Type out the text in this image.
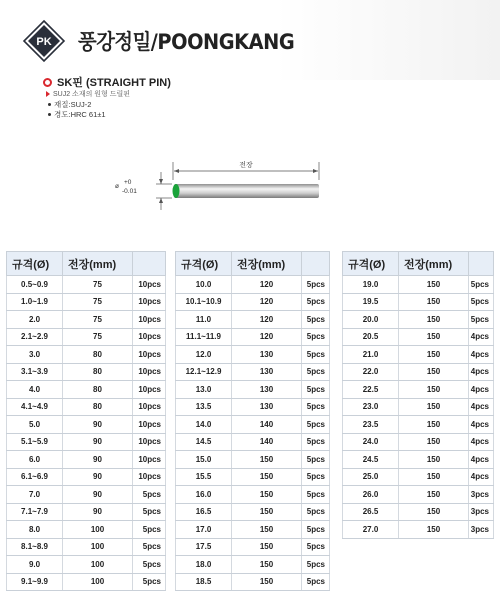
PK 풍강정밀/POONGKANG
SK핀 (STRAIGHT PIN)
SUJ2 소재의 원형 드릴핀
재질:SUJ-2
경도:HRC 61±1
전장
ø
+0
-0.01
규격(Ø)	전장(mm)	
0.5~0.9	75	10pcs
1.0~1.9	75	10pcs
2.0	75	10pcs
2.1~2.9	75	10pcs
3.0	80	10pcs
3.1~3.9	80	10pcs
4.0	80	10pcs
4.1~4.9	80	10pcs
5.0	90	10pcs
5.1~5.9	90	10pcs
6.0	90	10pcs
6.1~6.9	90	10pcs
7.0	90	5pcs
7.1~7.9	90	5pcs
8.0	100	5pcs
8.1~8.9	100	5pcs
9.0	100	5pcs
9.1~9.9	100	5pcs
규격(Ø)	전장(mm)	
10.0	120	5pcs
10.1~10.9	120	5pcs
11.0	120	5pcs
11.1~11.9	120	5pcs
12.0	130	5pcs
12.1~12.9	130	5pcs
13.0	130	5pcs
13.5	130	5pcs
14.0	140	5pcs
14.5	140	5pcs
15.0	150	5pcs
15.5	150	5pcs
16.0	150	5pcs
16.5	150	5pcs
17.0	150	5pcs
17.5	150	5pcs
18.0	150	5pcs
18.5	150	5pcs
규격(Ø)	전장(mm)	
19.0	150	5pcs
19.5	150	5pcs
20.0	150	5pcs
20.5	150	4pcs
21.0	150	4pcs
22.0	150	4pcs
22.5	150	4pcs
23.0	150	4pcs
23.5	150	4pcs
24.0	150	4pcs
24.5	150	4pcs
25.0	150	4pcs
26.0	150	3pcs
26.5	150	3pcs
27.0	150	3pcs
